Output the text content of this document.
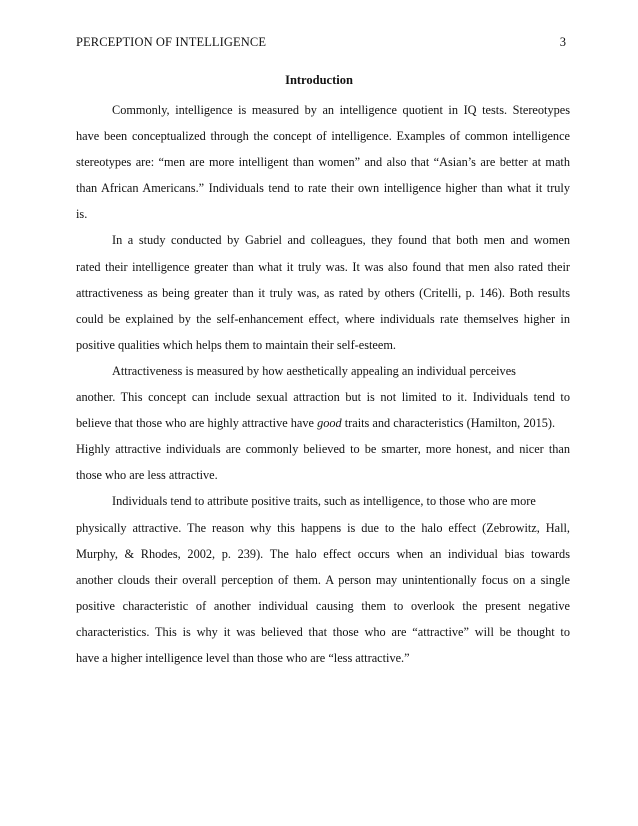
PERCEPTION OF INTELLIGENCE	3
Introduction
Commonly, intelligence is measured by an intelligence quotient in IQ tests. Stereotypes
have been conceptualized through the concept of intelligence. Examples of common intelligence
stereotypes are: “men are more intelligent than women” and also that “Asian’s are better at math
than African Americans.” Individuals tend to rate their own intelligence higher than what it truly
is.
In a study conducted by Gabriel and colleagues, they found that both men and women
rated their intelligence greater than what it truly was. It was also found that men also rated their
attractiveness as being greater than it truly was, as rated by others (Critelli, p. 146). Both results
could be explained by the self-enhancement effect, where individuals rate themselves higher in
positive qualities which helps them to maintain their self-esteem.
Attractiveness is measured by how aesthetically appealing an individual perceives
another. This concept can include sexual attraction but is not limited to it. Individuals tend to
believe that those who are highly attractive have good traits and characteristics (Hamilton, 2015).
Highly attractive individuals are commonly believed to be smarter, more honest, and nicer than
those who are less attractive.
Individuals tend to attribute positive traits, such as intelligence, to those who are more
physically attractive. The reason why this happens is due to the halo effect (Zebrowitz, Hall,
Murphy, & Rhodes, 2002, p. 239). The halo effect occurs when an individual bias towards
another clouds their overall perception of them. A person may unintentionally focus on a single
positive characteristic of another individual causing them to overlook the present negative
characteristics. This is why it was believed that those who are “attractive” will be thought to
have a higher intelligence level than those who are “less attractive.”
